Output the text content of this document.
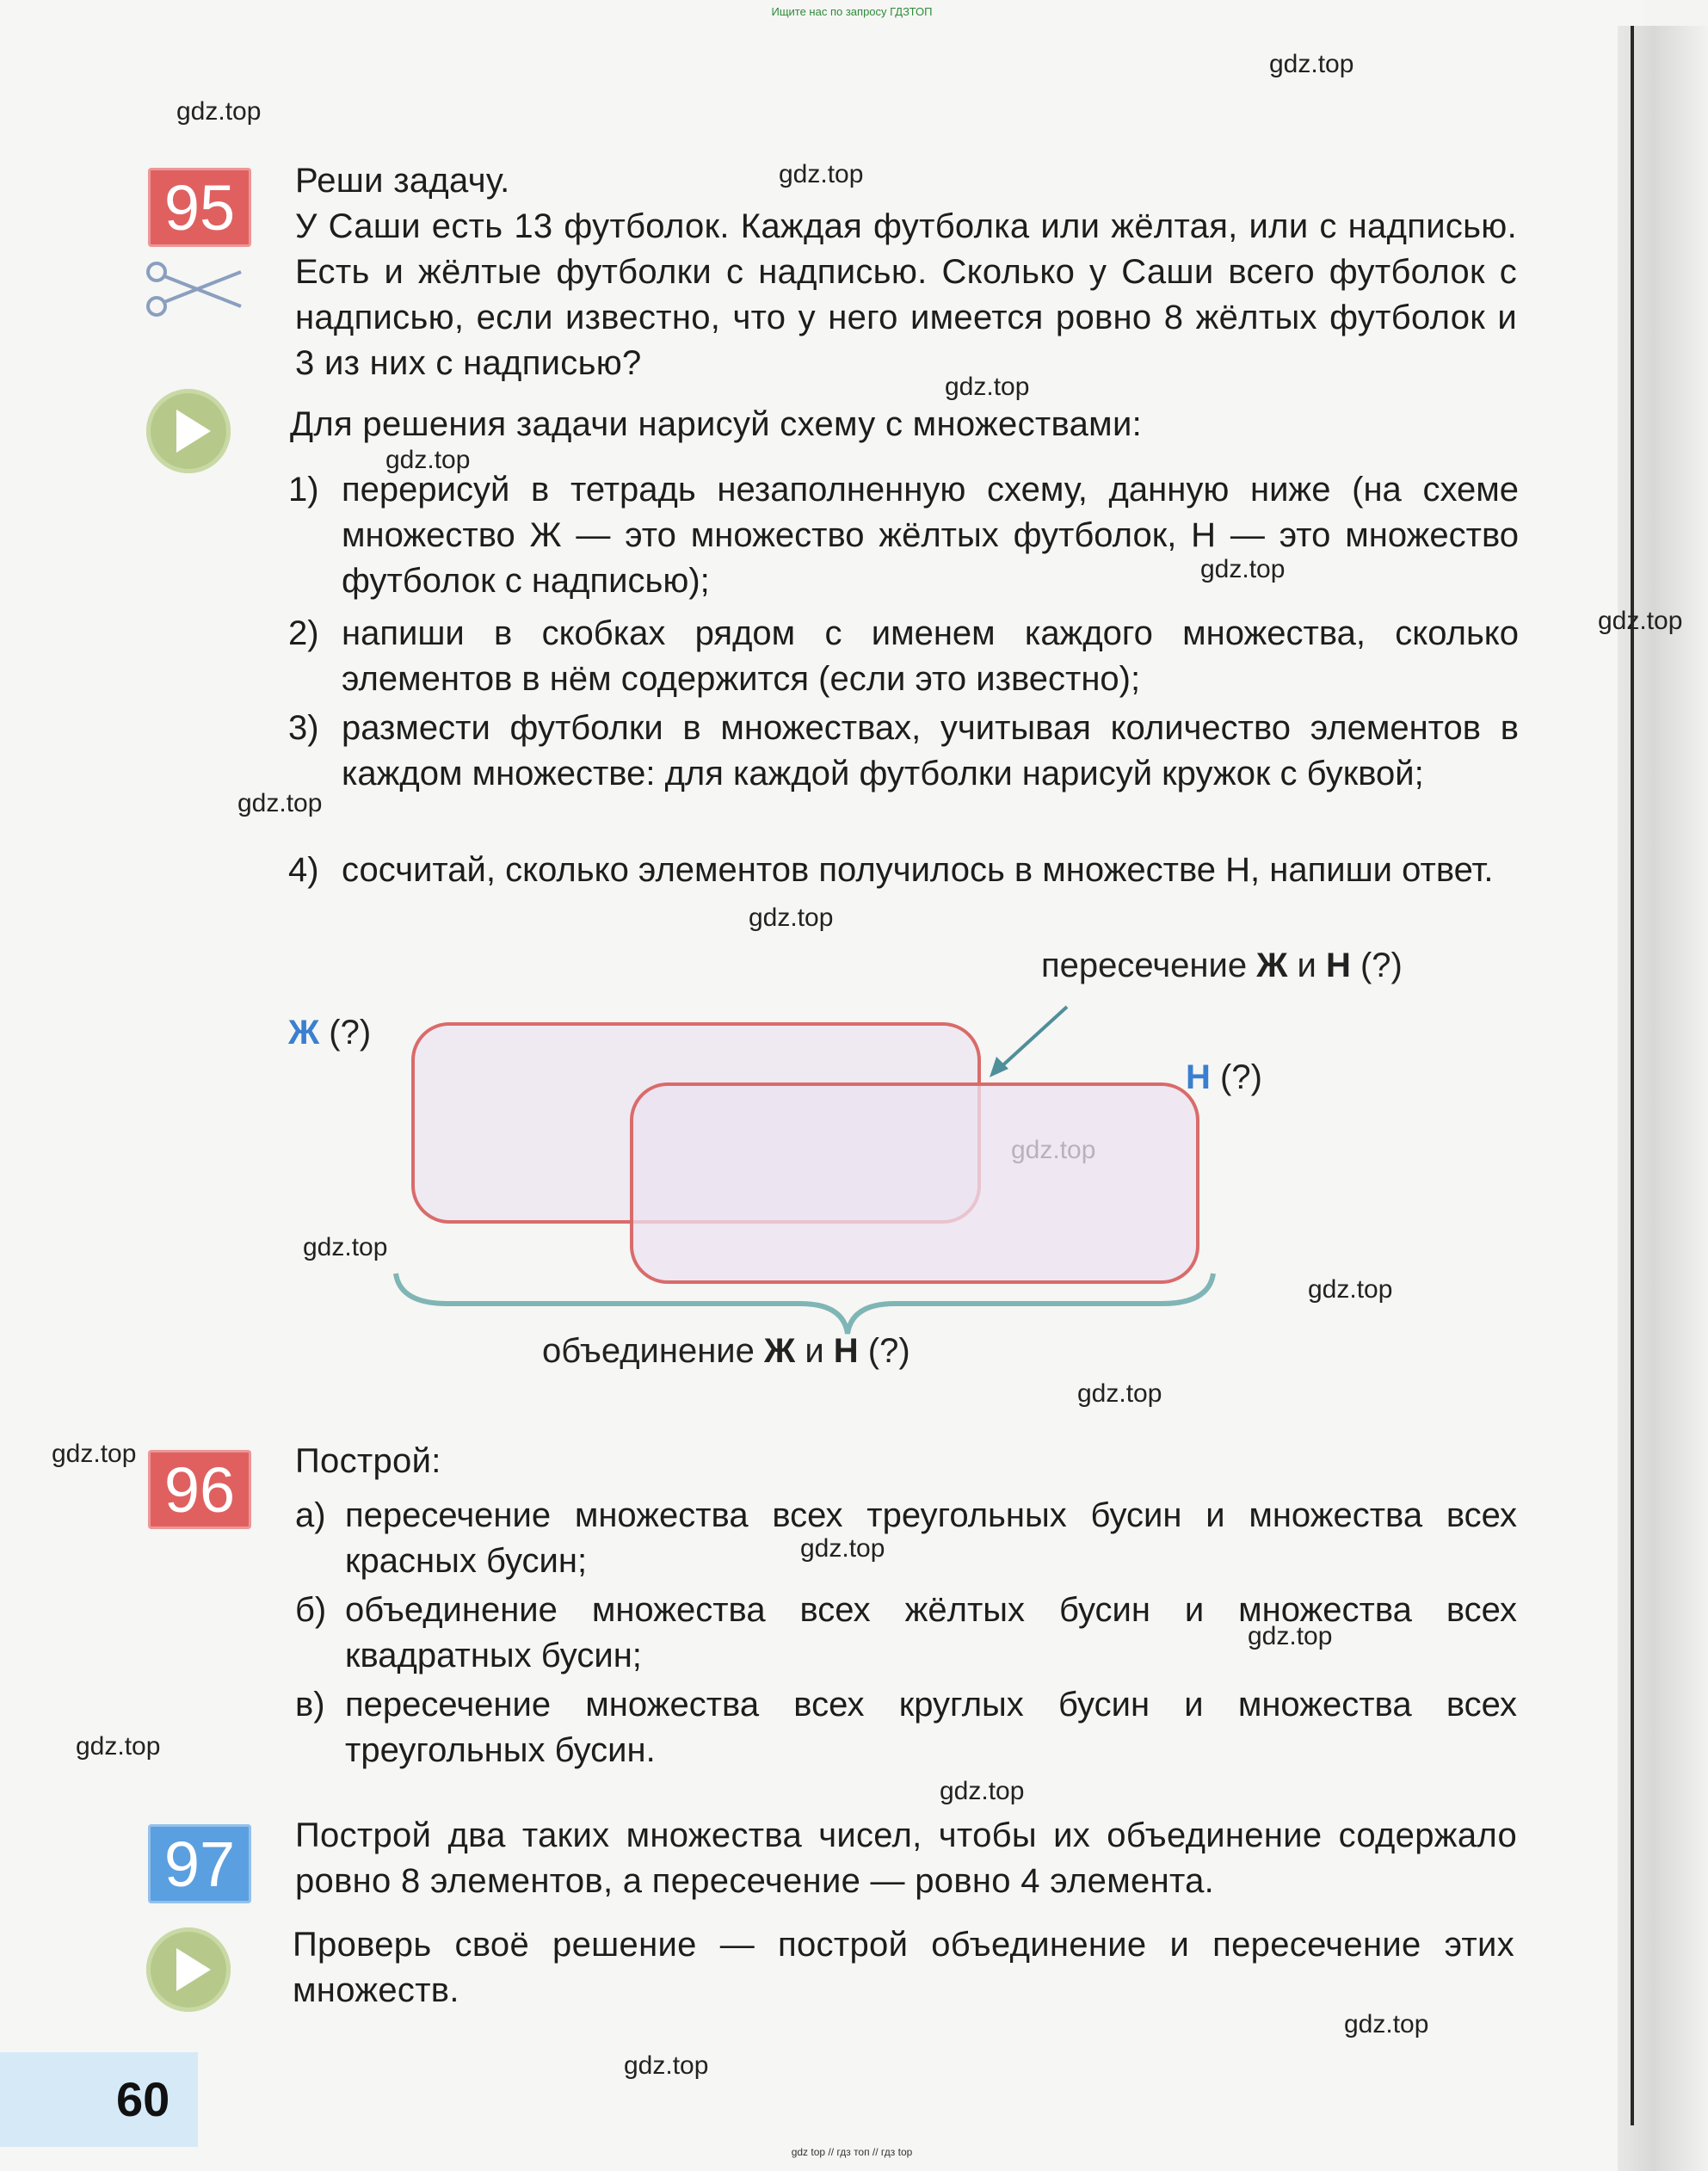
Ищите нас по запросу ГДЗТОП
gdz.top
gdz.top
gdz.top
gdz.top
gdz.top
gdz.top
gdz.top
gdz.top
gdz.top
gdz.top
gdz.top
gdz.top
gdz.top
gdz.top
gdz.top
gdz.top
gdz.top
gdz.top
gdz.top
95	Реши задачу.
У Саши есть 13 футболок. Каждая футболка или жёлтая, или с надписью. Есть и жёлтые футболки с надписью. Сколько у Саши всего футболок с надписью, если известно, что у него имеется ровно 8 жёлтых футболок и 3 из них с надписью?
Для решения задачи нарисуй схему с множествами:
1) перерисуй в тетрадь незаполненную схему, данную ниже (на схеме множество Ж — это множество жёлтых футболок, Н — это множество футболок с надписью);
2) напиши в скобках рядом с именем каждого множества, сколько элементов в нём содержится (если это известно);
3) размести футболки в множествах, учитывая количество элементов в каждом множестве: для каждой футболки нарисуй кружок с буквой;
4) сосчитай, сколько элементов получилось в множестве Н, напиши ответ.
пересечение Ж и Н (?)
Ж (?)
Н (?)
объединение Ж и Н (?)
96	Построй:
а) пересечение множества всех треугольных бусин и множества всех красных бусин;
б) объединение множества всех жёлтых бусин и множества всех квадратных бусин;
в) пересечение множества всех круглых бусин и множества всех треугольных бусин.
97	Построй два таких множества чисел, чтобы их объединение содержало ровно 8 элементов, а пересечение — ровно 4 элемента.
Проверь своё решение — построй объединение и пересечение этих множеств.
60
gdz top // гдз топ // гдз top
